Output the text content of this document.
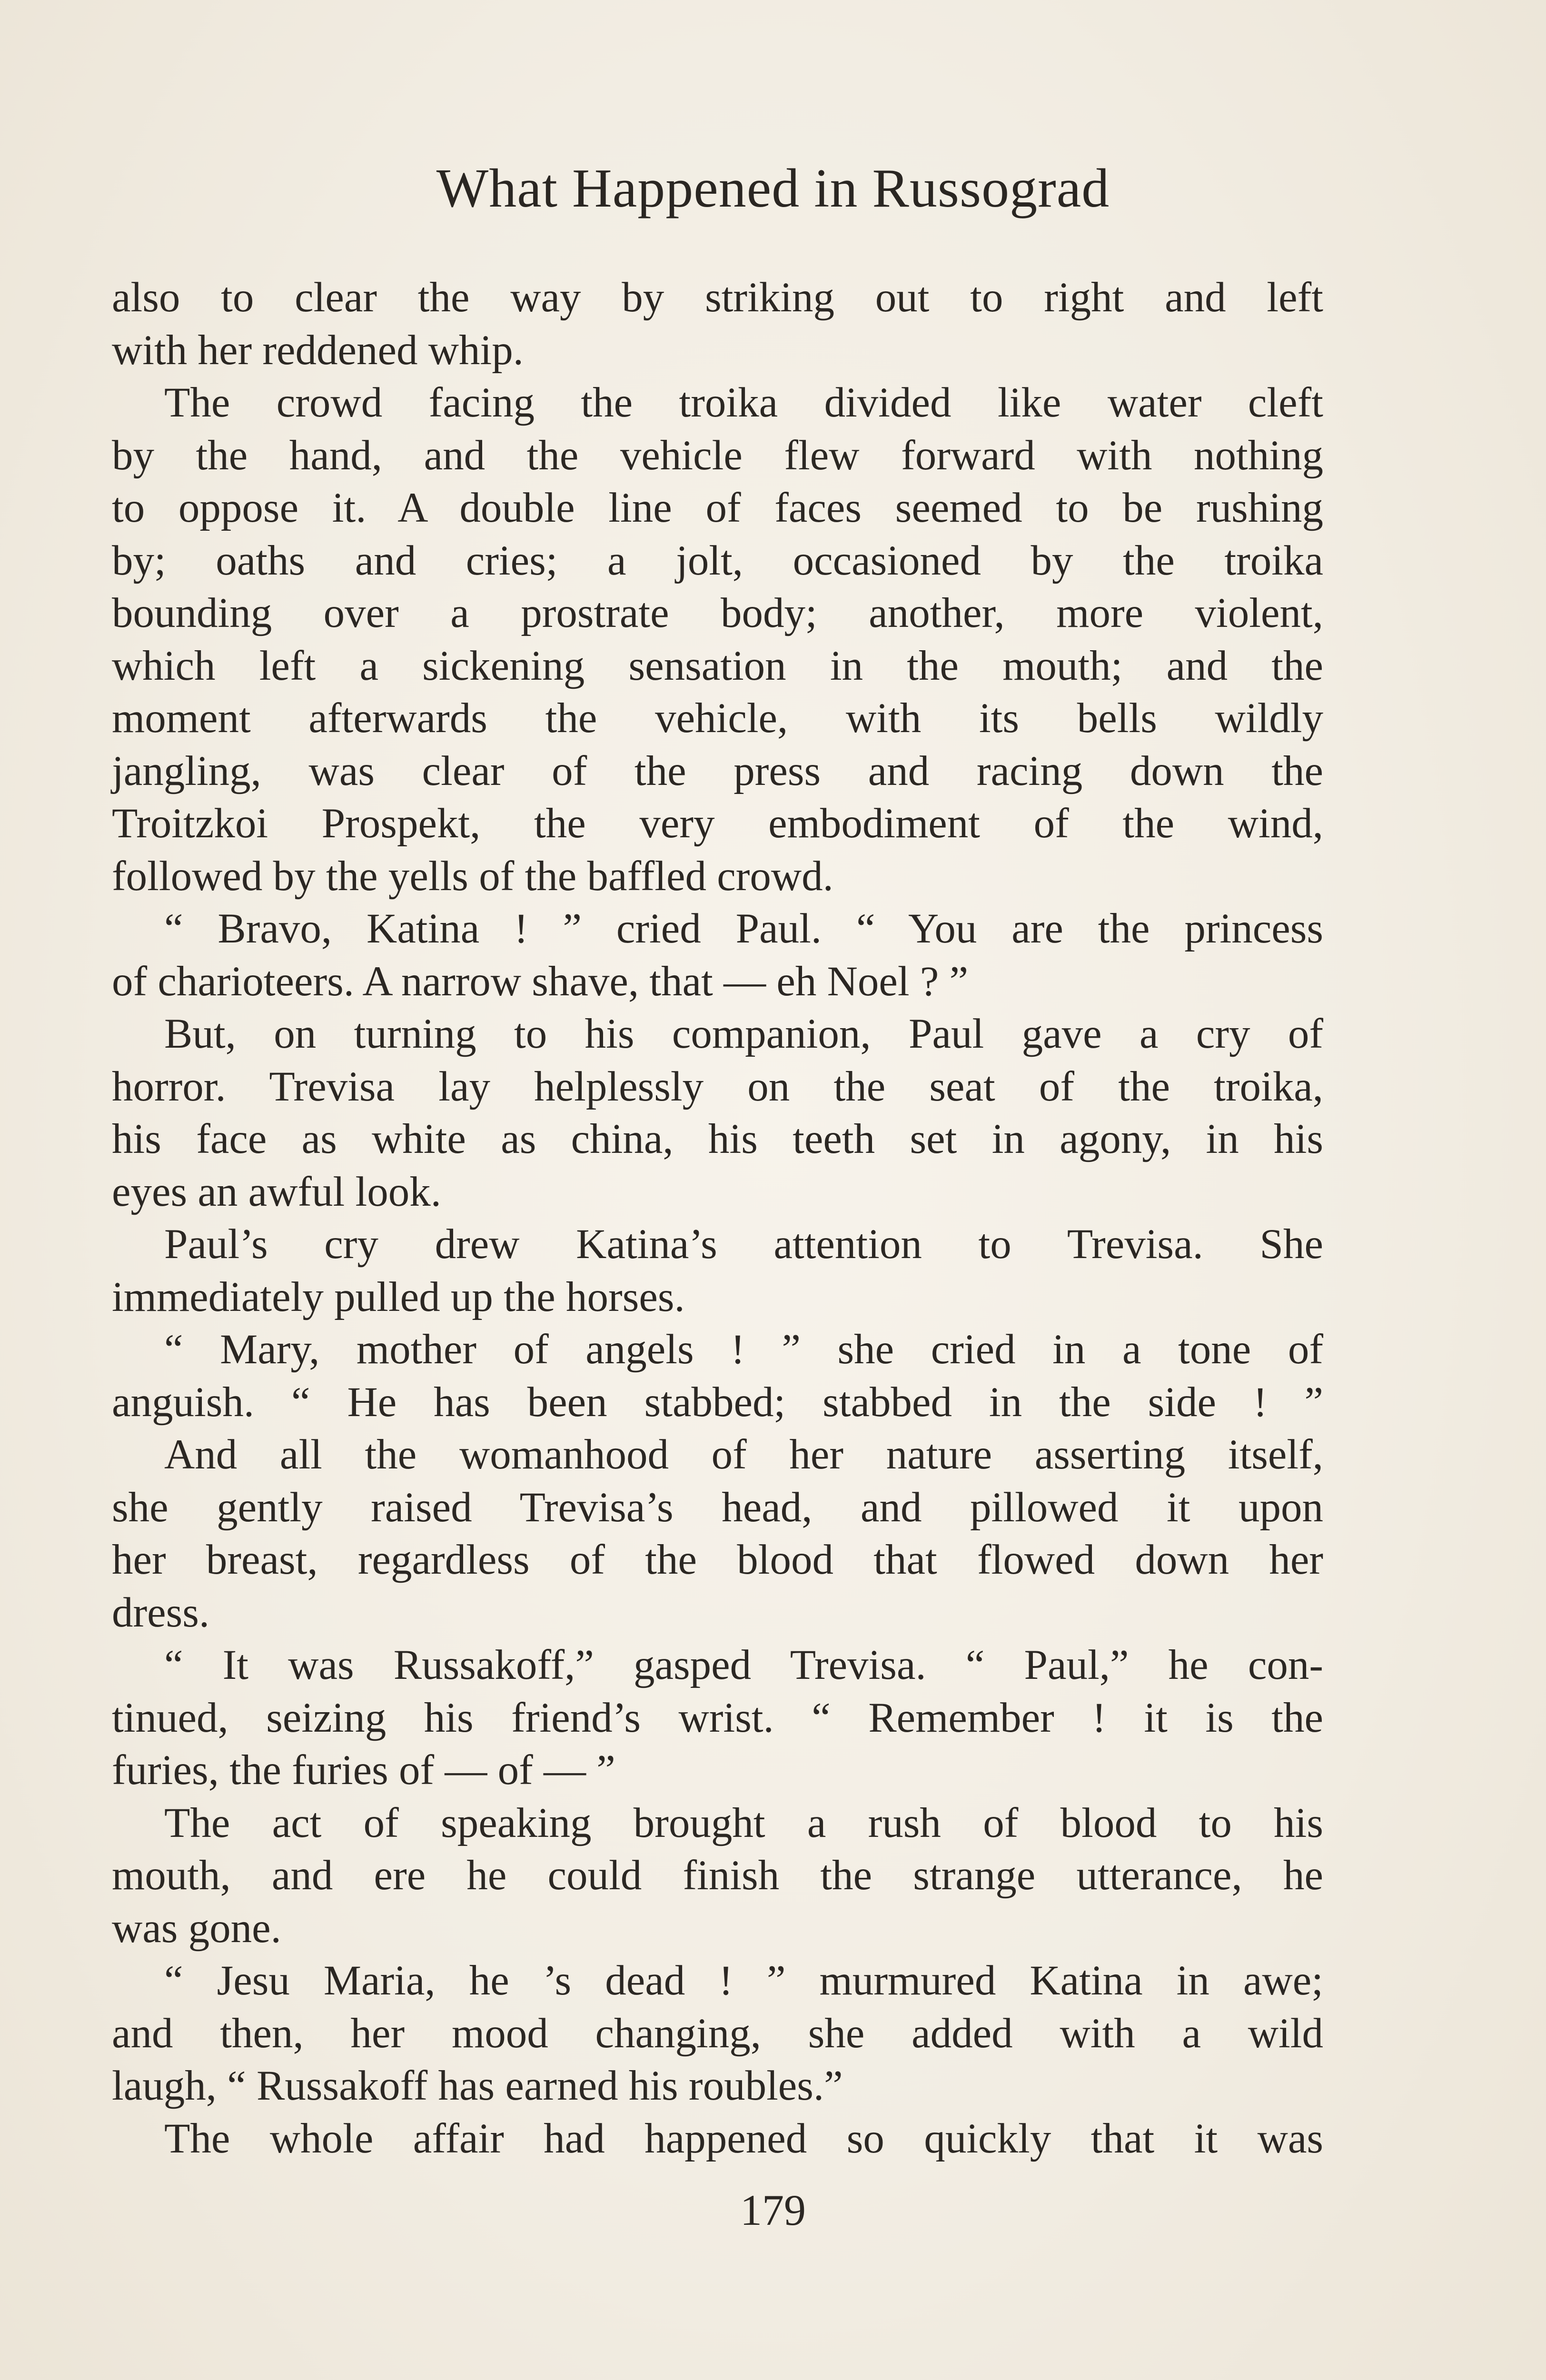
What Happened in Russograd
also to clear the way by striking out to right and left
with her reddened whip.
The crowd facing the troika divided like water cleft
by the hand, and the vehicle flew forward with nothing
to oppose it. A double line of faces seemed to be rushing
by; oaths and cries; a jolt, occasioned by the troika
bounding over a prostrate body; another, more violent,
which left a sickening sensation in the mouth; and the
moment afterwards the vehicle, with its bells wildly
jangling, was clear of the press and racing down the
Troitzkoi Prospekt, the very embodiment of the wind,
followed by the yells of the baffled crowd.
“ Bravo, Katina ! ” cried Paul. “ You are the princess
of charioteers. A narrow shave, that — eh Noel ? ”
But, on turning to his companion, Paul gave a cry of
horror. Trevisa lay helplessly on the seat of the troika,
his face as white as china, his teeth set in agony, in his
eyes an awful look.
Paul’s cry drew Katina’s attention to Trevisa. She
immediately pulled up the horses.
“ Mary, mother of angels ! ” she cried in a tone of
anguish. “ He has been stabbed; stabbed in the side ! ”
And all the womanhood of her nature asserting itself,
she gently raised Trevisa’s head, and pillowed it upon
her breast, regardless of the blood that flowed down her
dress.
“ It was Russakoff,” gasped Trevisa. “ Paul,” he con-
tinued, seizing his friend’s wrist. “ Remember ! it is the
furies, the furies of — of — ”
The act of speaking brought a rush of blood to his
mouth, and ere he could finish the strange utterance, he
was gone.
“ Jesu Maria, he ’s dead ! ” murmured Katina in awe;
and then, her mood changing, she added with a wild
laugh, “ Russakoff has earned his roubles.”
The whole affair had happened so quickly that it was
179
